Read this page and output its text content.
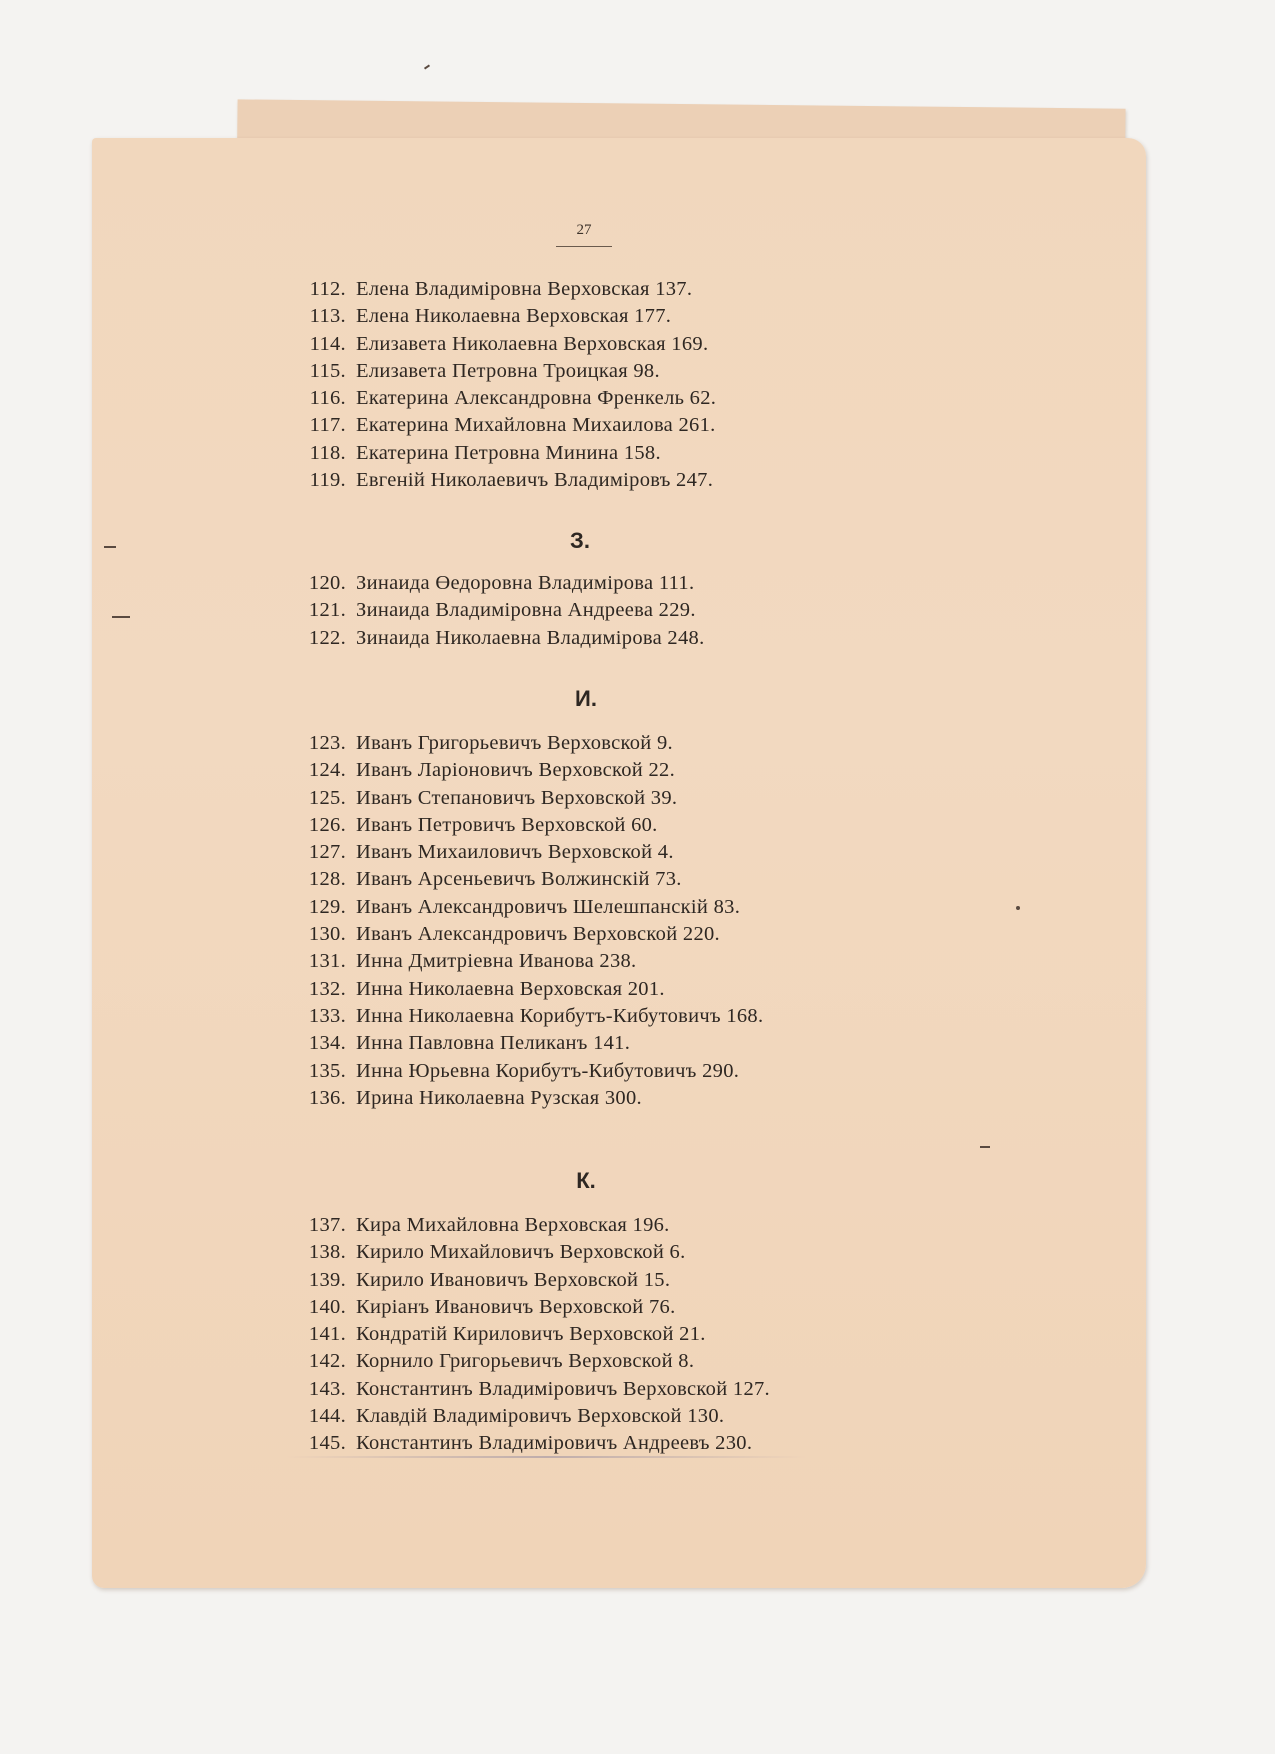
27
112. Елена Владиміровна Верховская 137.
113. Елена Николаевна Верховская 177.
114. Елизавета Николаевна Верховская 169.
115. Елизавета Петровна Троицкая 98.
116. Екатерина Александровна Френкель 62.
117. Екатерина Михайловна Михаилова 261.
118. Екатерина Петровна Минина 158.
119. Евгеній Николаевичъ Владиміровъ 247.
З.
120. Зинаида Өедоровна Владимірова 111.
121. Зинаида Владиміровна Андреева 229.
122. Зинаида Николаевна Владимірова 248.
И.
123. Иванъ Григорьевичъ Верховской 9.
124. Иванъ Ларіоновичъ Верховской 22.
125. Иванъ Степановичъ Верховской 39.
126. Иванъ Петровичъ Верховской 60.
127. Иванъ Михаиловичъ Верховской 4.
128. Иванъ Арсеньевичъ Волжинскій 73.
129. Иванъ Александровичъ Шелешпанскій 83.
130. Иванъ Александровичъ Верховской 220.
131. Инна Дмитріевна Иванова 238.
132. Инна Николаевна Верховская 201.
133. Инна Николаевна Корибутъ-Кибутовичъ 168.
134. Инна Павловна Пеликанъ 141.
135. Инна Юрьевна Корибутъ-Кибутовичъ 290.
136. Ирина Николаевна Рузская 300.
К.
137. Кира Михайловна Верховская 196.
138. Кирило Михайловичъ Верховской 6.
139. Кирило Ивановичъ Верховской 15.
140. Киріанъ Ивановичъ Верховской 76.
141. Кондратій Кириловичъ Верховской 21.
142. Корнило Григорьевичъ Верховской 8.
143. Константинъ Владиміровичъ Верховской 127.
144. Клавдій Владиміровичъ Верховской 130.
145. Константинъ Владиміровичъ Андреевъ 230.
